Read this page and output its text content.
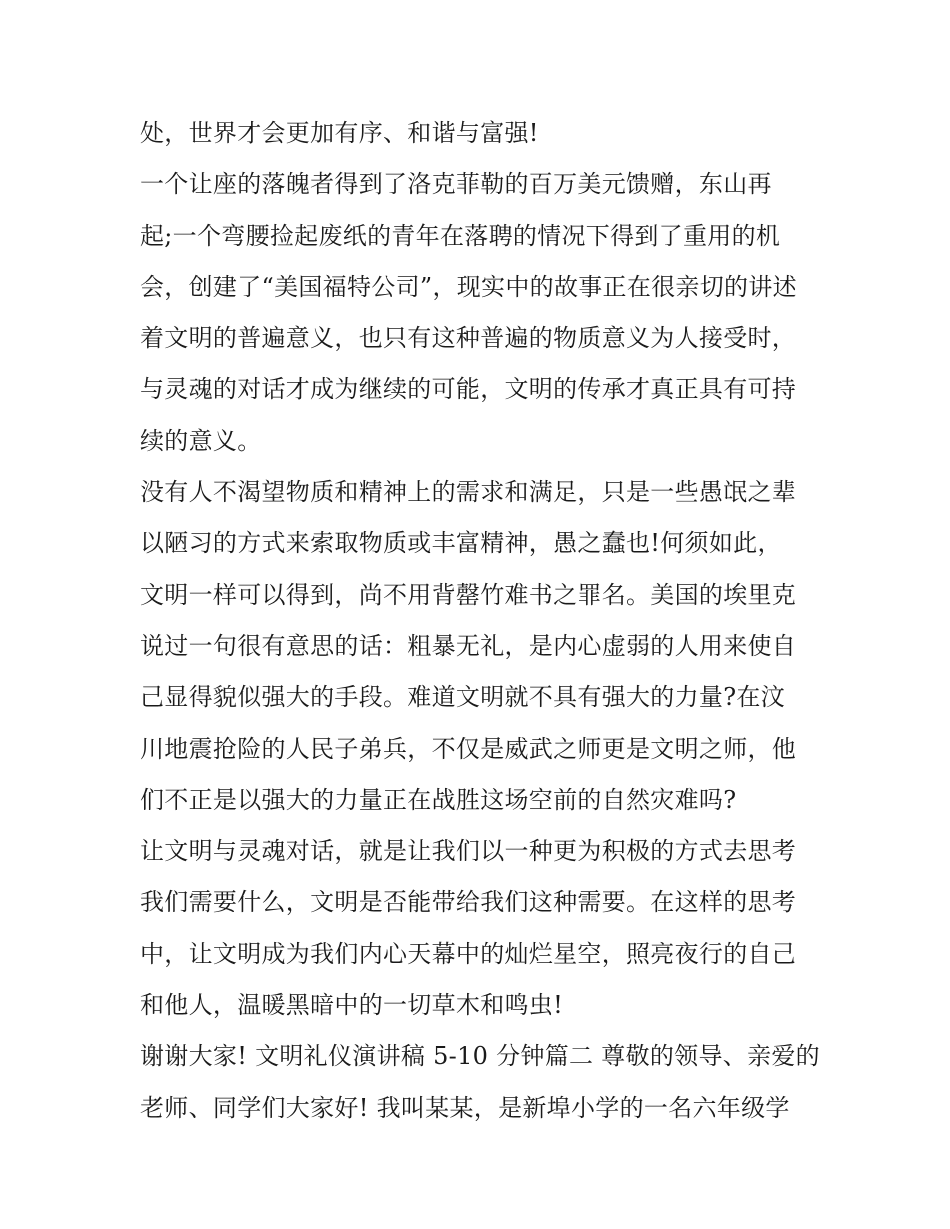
处，世界才会更加有序、和谐与富强!
一个让座的落魄者得到了洛克菲勒的百万美元馈赠，东山再
起;一个弯腰捡起废纸的青年在落聘的情况下得到了重用的机
会，创建了“美国福特公司”，现实中的故事正在很亲切的讲述
着文明的普遍意义，也只有这种普遍的物质意义为人接受时，
与灵魂的对话才成为继续的可能，文明的传承才真正具有可持
续的意义。
没有人不渴望物质和精神上的需求和满足，只是一些愚氓之辈
以陋习的方式来索取物质或丰富精神，愚之蠢也!何须如此，
文明一样可以得到，尚不用背罄竹难书之罪名。美国的埃里克
说过一句很有意思的话：粗暴无礼，是内心虚弱的人用来使自
己显得貌似强大的手段。难道文明就不具有强大的力量?在汶
川地震抢险的人民子弟兵，不仅是威武之师更是文明之师，他
们不正是以强大的力量正在战胜这场空前的自然灾难吗?
让文明与灵魂对话，就是让我们以一种更为积极的方式去思考
我们需要什么，文明是否能带给我们这种需要。在这样的思考
中，让文明成为我们内心天幕中的灿烂星空，照亮夜行的自己
和他人，温暖黑暗中的一切草木和鸣虫!
谢谢大家! 文明礼仪演讲稿 5-10 分钟篇二 尊敬的领导、亲爱的
老师、同学们大家好! 我叫某某，是新埠小学的一名六年级学
